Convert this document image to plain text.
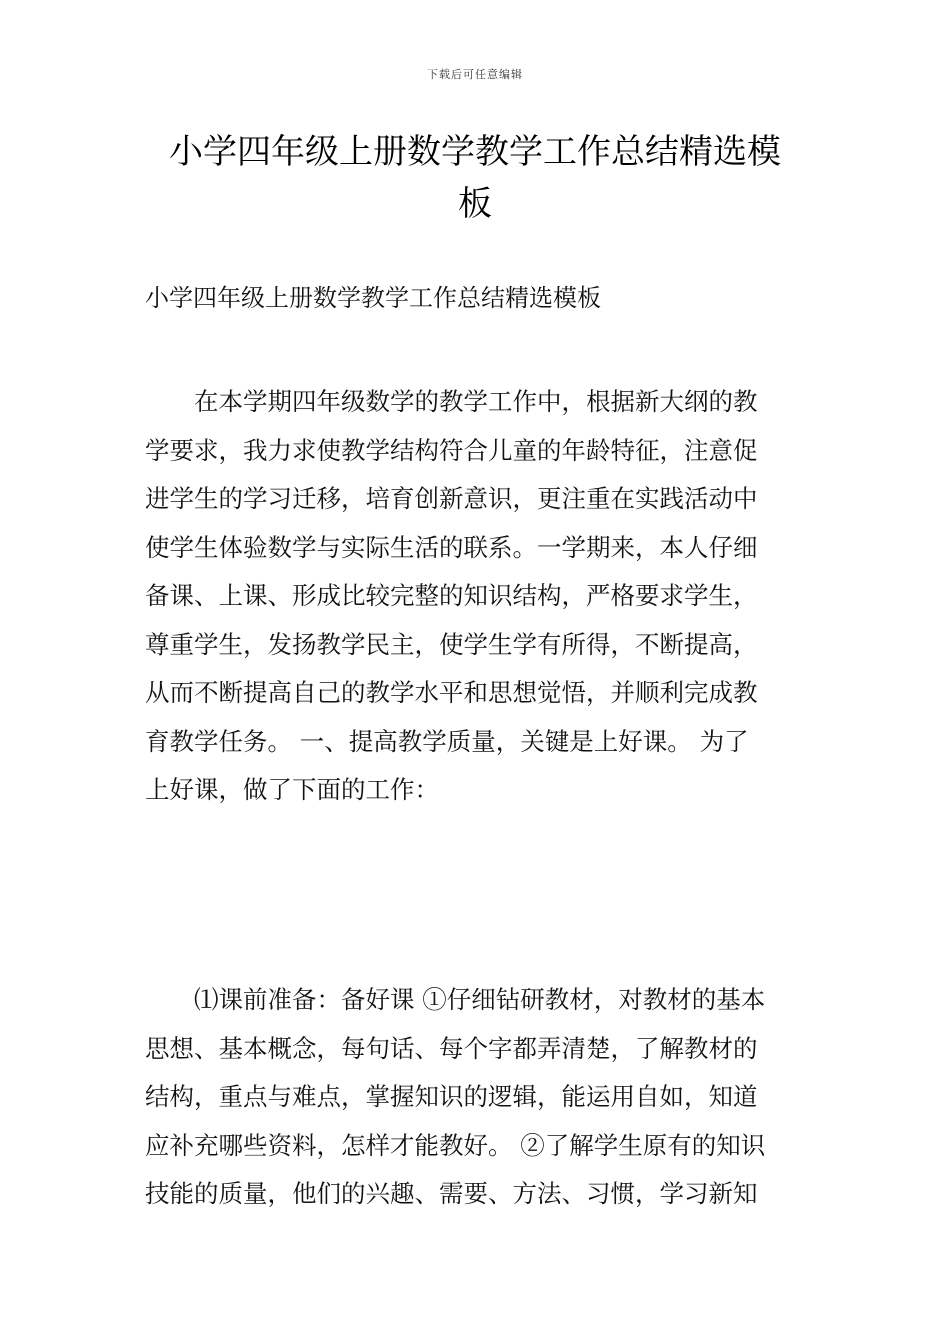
下载后可任意编辑
小学四年级上册数学教学工作总结精选模
板
小学四年级上册数学教学工作总结精选模板
　　在本学期四年级数学的教学工作中，根据新大纲的教
学要求，我力求使教学结构符合儿童的年龄特征，注意促
进学生的学习迁移，培育创新意识，更注重在实践活动中
使学生体验数学与实际生活的联系。一学期来，本人仔细
备课、上课、形成比较完整的知识结构，严格要求学生，
尊重学生，发扬教学民主，使学生学有所得，不断提高，
从而不断提高自己的教学水平和思想觉悟，并顺利完成教
育教学任务。 一、提高教学质量，关键是上好课。 为了
上好课，做了下面的工作：
　　⑴课前准备：备好课 ①仔细钻研教材，对教材的基本
思想、基本概念，每句话、每个字都弄清楚，了解教材的
结构，重点与难点，掌握知识的逻辑，能运用自如，知道
应补充哪些资料，怎样才能教好。 ②了解学生原有的知识
技能的质量，他们的兴趣、需要、方法、习惯，学习新知
